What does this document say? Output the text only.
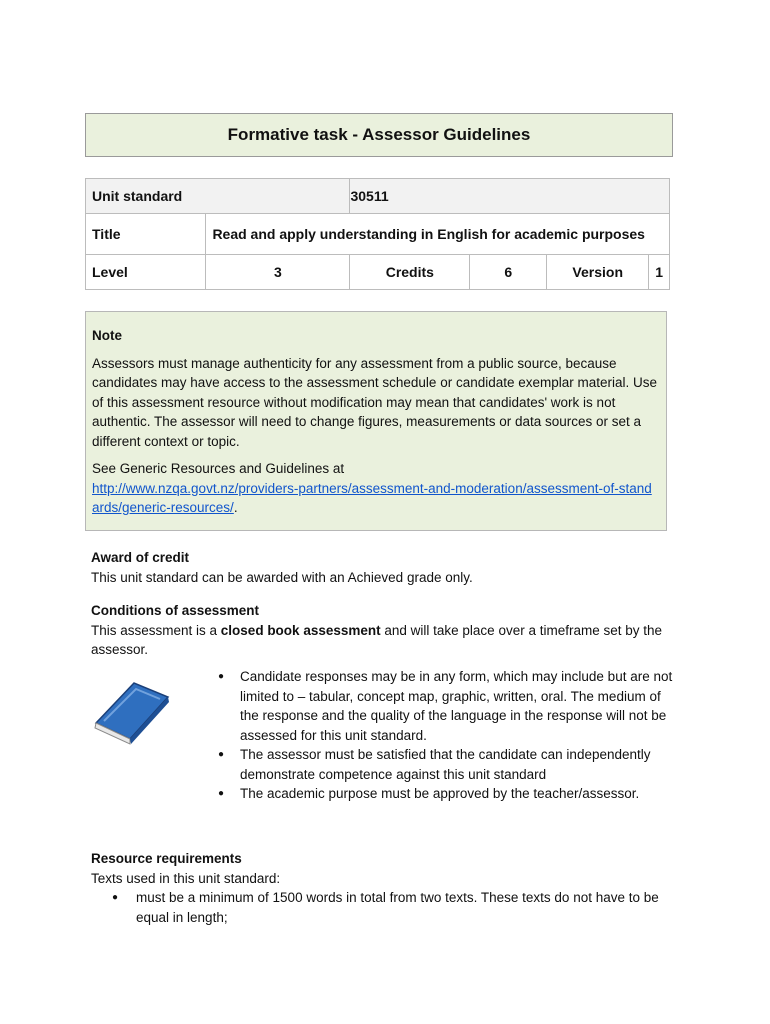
Formative task - Assessor Guidelines
Unit standard		30511			
Title	Read and apply understanding in English for academic purposes				
Level	3	Credits	6	Version	1
Note

Assessors must manage authenticity for any assessment from a public source, because candidates may have access to the assessment schedule or candidate exemplar material. Use of this assessment resource without modification may mean that candidates' work is not authentic. The assessor will need to change figures, measurements or data sources or set a different context or topic.

See Generic Resources and Guidelines at
http://www.nzqa.govt.nz/providers-partners/assessment-and-moderation/assessment-of-standards/generic-resources/.

Award of credit
This unit standard can be awarded with an Achieved grade only.
Conditions of assessment
This assessment is a closed book assessment and will take place over a timeframe set by the assessor.
● Candidate responses may be in any form, which may include but are not limited to – tabular, concept map, graphic, written, oral. The medium of the response and the quality of the language in the response will not be assessed for this unit standard.
● The assessor must be satisfied that the candidate can independently demonstrate competence against this unit standard
● The academic purpose must be approved by the teacher/assessor.
Resource requirements
Texts used in this unit standard:
● must be a minimum of 1500 words in total from two texts. These texts do not have to be equal in length;
